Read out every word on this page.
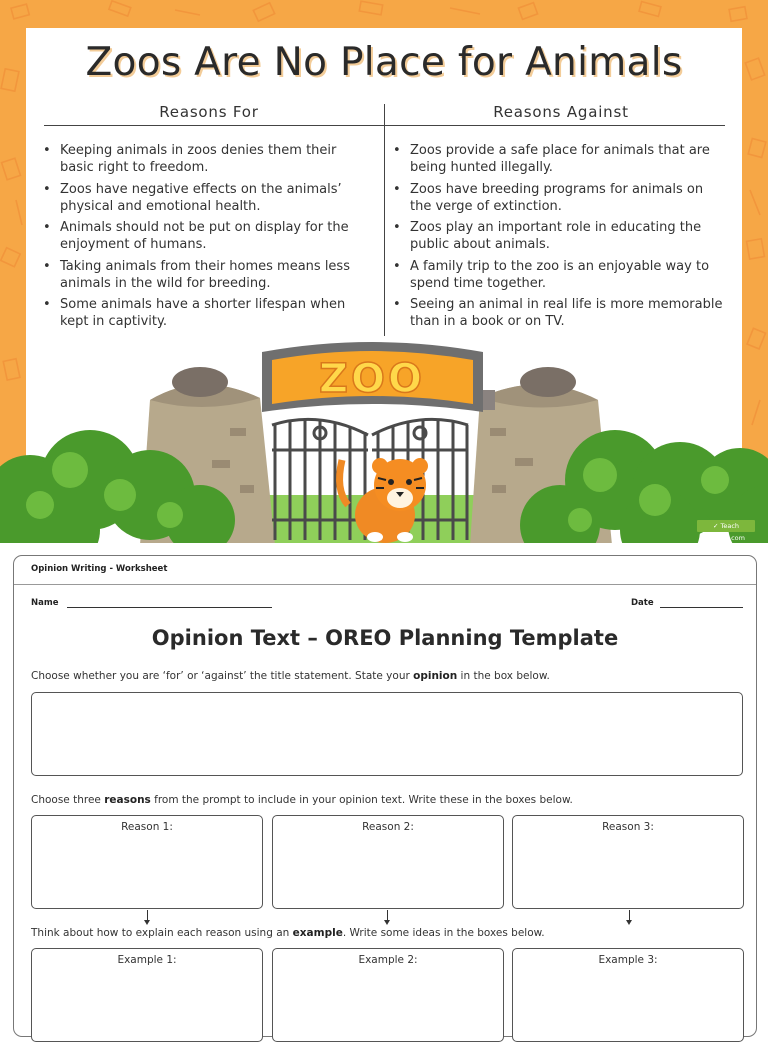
Zoos Are No Place for Animals
Reasons For	Reasons Against
• Keeping animals in zoos denies them their basic right to freedom.
• Zoos have negative effects on the animals’ physical and emotional health.
• Animals should not be put on display for the enjoyment of humans.
• Taking animals from their homes means less animals in the wild for breeding.
• Some animals have a shorter lifespan when kept in captivity.
• Zoos provide a safe place for animals that are being hunted illegally.
• Zoos have breeding programs for animals on the verge of extinction.
• Zoos play an important role in educating the public about animals.
• A family trip to the zoo is an enjoyable way to spend time together.
• Seeing an animal in real life is more memorable than in a book or on TV.
ZOO
✓ Teach Starter.com
Opinion Writing - Worksheet
Name	Date
Opinion Text – OREO Planning Template
Choose whether you are ‘for’ or ‘against’ the title statement. State your opinion in the box below.
Choose three reasons from the prompt to include in your opinion text. Write these in the boxes below.
Reason 1:	Reason 2:	Reason 3:
Think about how to explain each reason using an example. Write some ideas in the boxes below.
Example 1:	Example 2:	Example 3:
